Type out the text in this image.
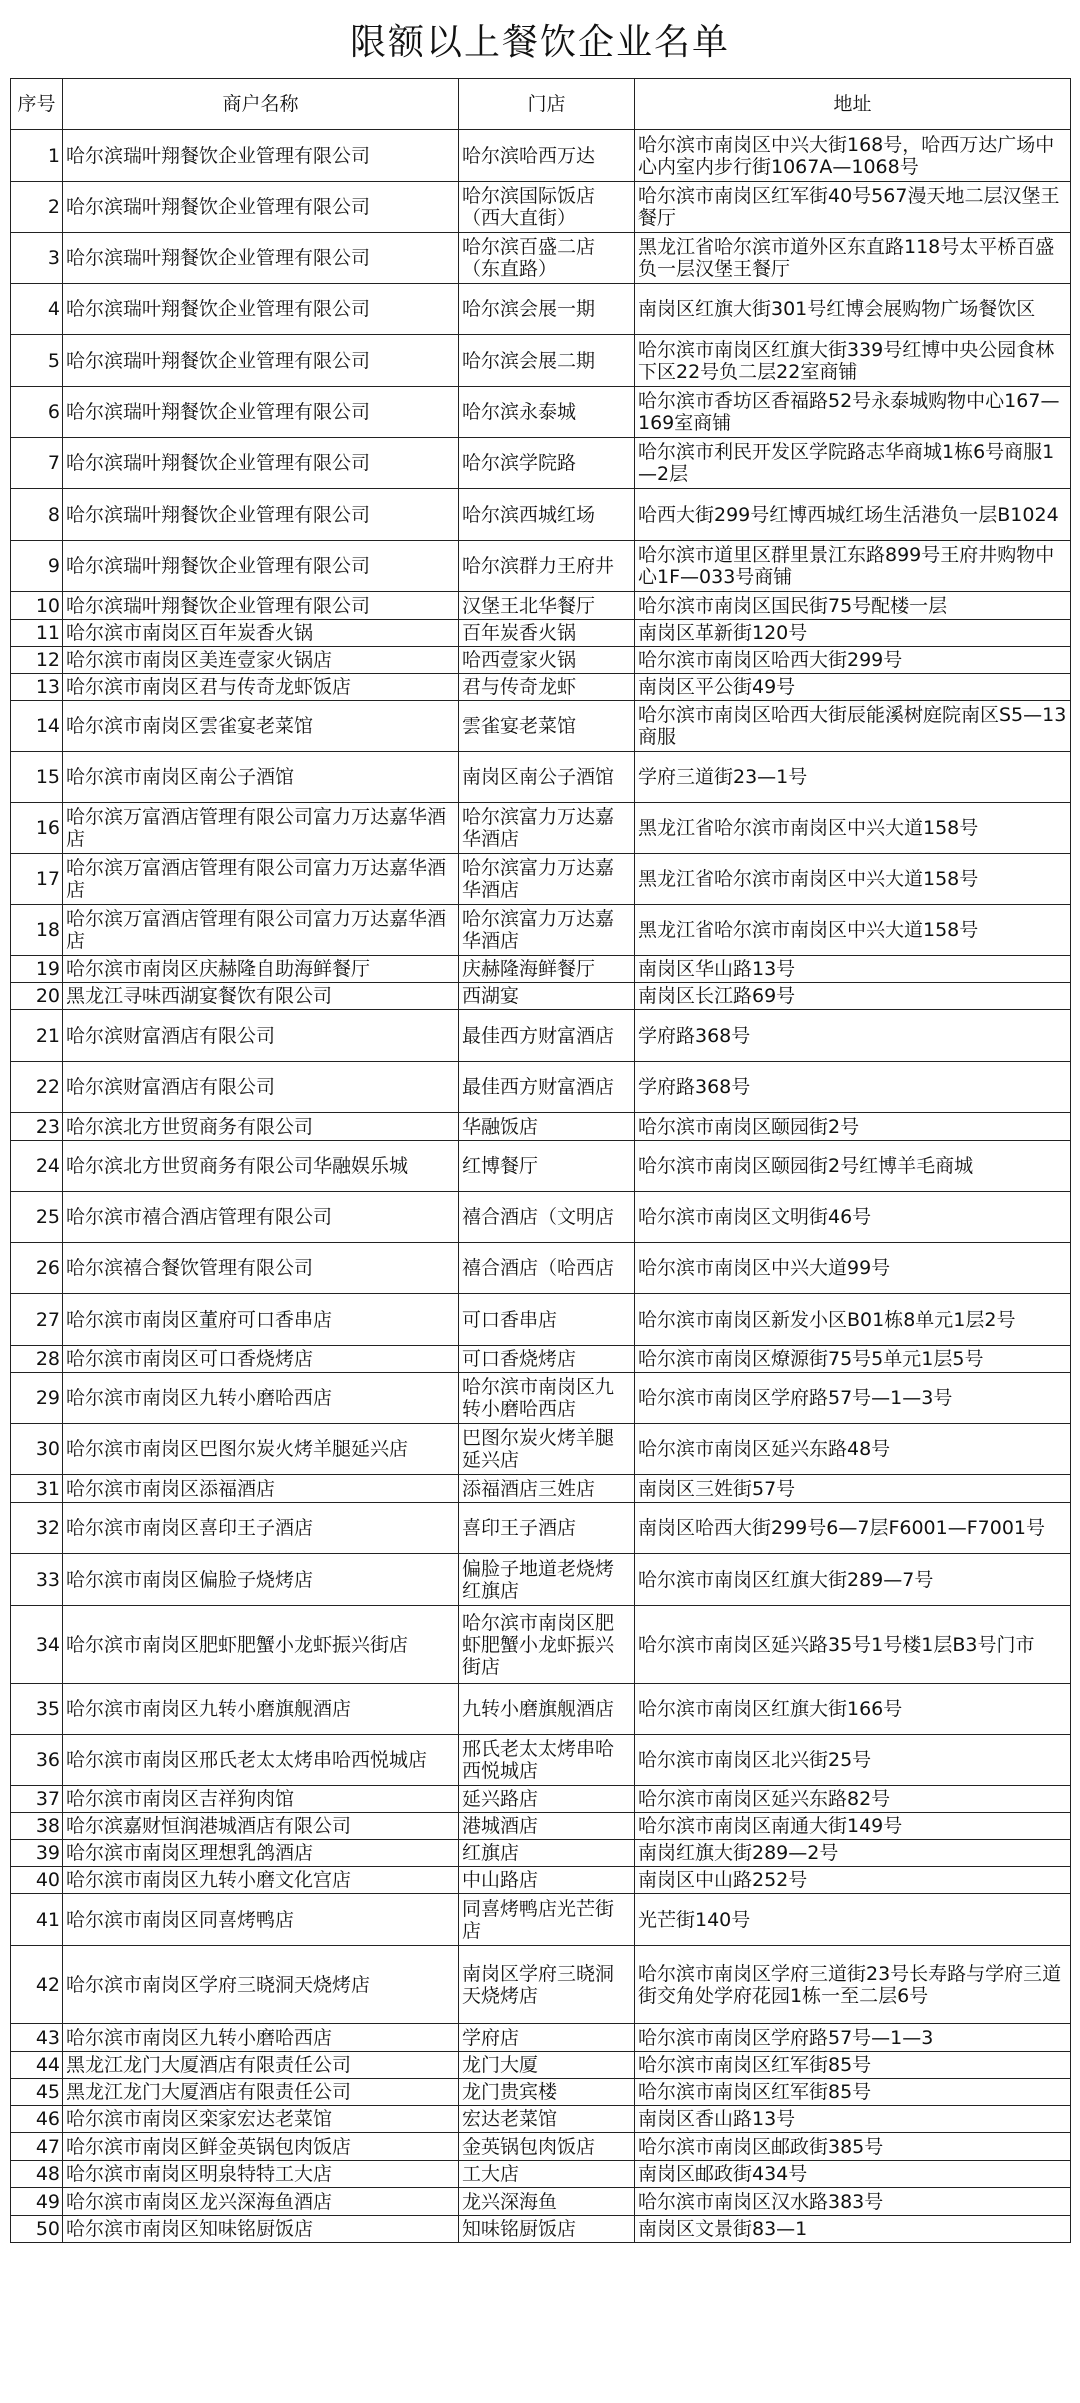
限额以上餐饮企业名单
序号	商户名称	门店	地址
1	哈尔滨瑞叶翔餐饮企业管理有限公司	哈尔滨哈西万达	哈尔滨市南岗区中兴大街168号，哈西万达广场中心内室内步行街1067A—1068号
2	哈尔滨瑞叶翔餐饮企业管理有限公司	哈尔滨国际饭店（西大直街）	哈尔滨市南岗区红军街40号567漫天地二层汉堡王餐厅
3	哈尔滨瑞叶翔餐饮企业管理有限公司	哈尔滨百盛二店（东直路）	黑龙江省哈尔滨市道外区东直路118号太平桥百盛负一层汉堡王餐厅
4	哈尔滨瑞叶翔餐饮企业管理有限公司	哈尔滨会展一期	南岗区红旗大街301号红博会展购物广场餐饮区
5	哈尔滨瑞叶翔餐饮企业管理有限公司	哈尔滨会展二期	哈尔滨市南岗区红旗大街339号红博中央公园食林下区22号负二层22室商铺
6	哈尔滨瑞叶翔餐饮企业管理有限公司	哈尔滨永泰城	哈尔滨市香坊区香福路52号永泰城购物中心167—169室商铺
7	哈尔滨瑞叶翔餐饮企业管理有限公司	哈尔滨学院路	哈尔滨市利民开发区学院路志华商城1栋6号商服1—2层
8	哈尔滨瑞叶翔餐饮企业管理有限公司	哈尔滨西城红场	哈西大街299号红博西城红场生活港负一层B1024
9	哈尔滨瑞叶翔餐饮企业管理有限公司	哈尔滨群力王府井	哈尔滨市道里区群里景江东路899号王府井购物中心1F—033号商铺
10	哈尔滨瑞叶翔餐饮企业管理有限公司	汉堡王北华餐厅	哈尔滨市南岗区国民街75号配楼一层
11	哈尔滨市南岗区百年炭香火锅	百年炭香火锅	南岗区革新街120号
12	哈尔滨市南岗区美连壹家火锅店	哈西壹家火锅	哈尔滨市南岗区哈西大街299号
13	哈尔滨市南岗区君与传奇龙虾饭店	君与传奇龙虾	南岗区平公街49号
14	哈尔滨市南岗区雲雀宴老菜馆	雲雀宴老菜馆	哈尔滨市南岗区哈西大街辰能溪树庭院南区S5—13商服
15	哈尔滨市南岗区南公子酒馆	南岗区南公子酒馆	学府三道街23—1号
16	哈尔滨万富酒店管理有限公司富力万达嘉华酒店	哈尔滨富力万达嘉华酒店	黑龙江省哈尔滨市南岗区中兴大道158号
17	哈尔滨万富酒店管理有限公司富力万达嘉华酒店	哈尔滨富力万达嘉华酒店	黑龙江省哈尔滨市南岗区中兴大道158号
18	哈尔滨万富酒店管理有限公司富力万达嘉华酒店	哈尔滨富力万达嘉华酒店	黑龙江省哈尔滨市南岗区中兴大道158号
19	哈尔滨市南岗区庆赫隆自助海鲜餐厅	庆赫隆海鲜餐厅	南岗区华山路13号
20	黑龙江寻味西湖宴餐饮有限公司	西湖宴	南岗区长江路69号
21	哈尔滨财富酒店有限公司	最佳西方财富酒店	学府路368号
22	哈尔滨财富酒店有限公司	最佳西方财富酒店	学府路368号
23	哈尔滨北方世贸商务有限公司	华融饭店	哈尔滨市南岗区颐园街2号
24	哈尔滨北方世贸商务有限公司华融娱乐城	红博餐厅	哈尔滨市南岗区颐园街2号红博羊毛商城
25	哈尔滨市禧合酒店管理有限公司	禧合酒店（文明店	哈尔滨市南岗区文明街46号
26	哈尔滨禧合餐饮管理有限公司	禧合酒店（哈西店	哈尔滨市南岗区中兴大道99号
27	哈尔滨市南岗区董府可口香串店	可口香串店	哈尔滨市南岗区新发小区B01栋8单元1层2号
28	哈尔滨市南岗区可口香烧烤店	可口香烧烤店	哈尔滨市南岗区燎源街75号5单元1层5号
29	哈尔滨市南岗区九转小磨哈西店	哈尔滨市南岗区九转小磨哈西店	哈尔滨市南岗区学府路57号—1—3号
30	哈尔滨市南岗区巴图尔炭火烤羊腿延兴店	巴图尔炭火烤羊腿延兴店	哈尔滨市南岗区延兴东路48号
31	哈尔滨市南岗区添福酒店	添福酒店三姓店	南岗区三姓街57号
32	哈尔滨市南岗区喜印王子酒店	喜印王子酒店	南岗区哈西大街299号6—7层F6001—F7001号
33	哈尔滨市南岗区偏脸子烧烤店	偏脸子地道老烧烤红旗店	哈尔滨市南岗区红旗大街289—7号
34	哈尔滨市南岗区肥虾肥蟹小龙虾振兴街店	哈尔滨市南岗区肥虾肥蟹小龙虾振兴街店	哈尔滨市南岗区延兴路35号1号楼1层B3号门市
35	哈尔滨市南岗区九转小磨旗舰酒店	九转小磨旗舰酒店	哈尔滨市南岗区红旗大街166号
36	哈尔滨市南岗区邢氏老太太烤串哈西悦城店	邢氏老太太烤串哈西悦城店	哈尔滨市南岗区北兴街25号
37	哈尔滨市南岗区吉祥狗肉馆	延兴路店	哈尔滨市南岗区延兴东路82号
38	哈尔滨嘉财恒润港城酒店有限公司	港城酒店	哈尔滨市南岗区南通大街149号
39	哈尔滨市南岗区理想乳鸽酒店	红旗店	南岗红旗大街289—2号
40	哈尔滨市南岗区九转小磨文化宫店	中山路店	南岗区中山路252号
41	哈尔滨市南岗区同喜烤鸭店	同喜烤鸭店光芒街店	光芒街140号
42	哈尔滨市南岗区学府三晓洞天烧烤店	南岗区学府三晓洞天烧烤店	哈尔滨市南岗区学府三道街23号长寿路与学府三道街交角处学府花园1栋一至二层6号
43	哈尔滨市南岗区九转小磨哈西店	学府店	哈尔滨市南岗区学府路57号—1—3
44	黑龙江龙门大厦酒店有限责任公司	龙门大厦	哈尔滨市南岗区红军街85号
45	黑龙江龙门大厦酒店有限责任公司	龙门贵宾楼	哈尔滨市南岗区红军街85号
46	哈尔滨市南岗区栾家宏达老菜馆	宏达老菜馆	南岗区香山路13号
47	哈尔滨市南岗区鲜金英锅包肉饭店	金英锅包肉饭店	哈尔滨市南岗区邮政街385号
48	哈尔滨市南岗区明泉特特工大店	工大店	南岗区邮政街434号
49	哈尔滨市南岗区龙兴深海鱼酒店	龙兴深海鱼	哈尔滨市南岗区汉水路383号
50	哈尔滨市南岗区知味铭厨饭店	知味铭厨饭店	南岗区文景街83—1
